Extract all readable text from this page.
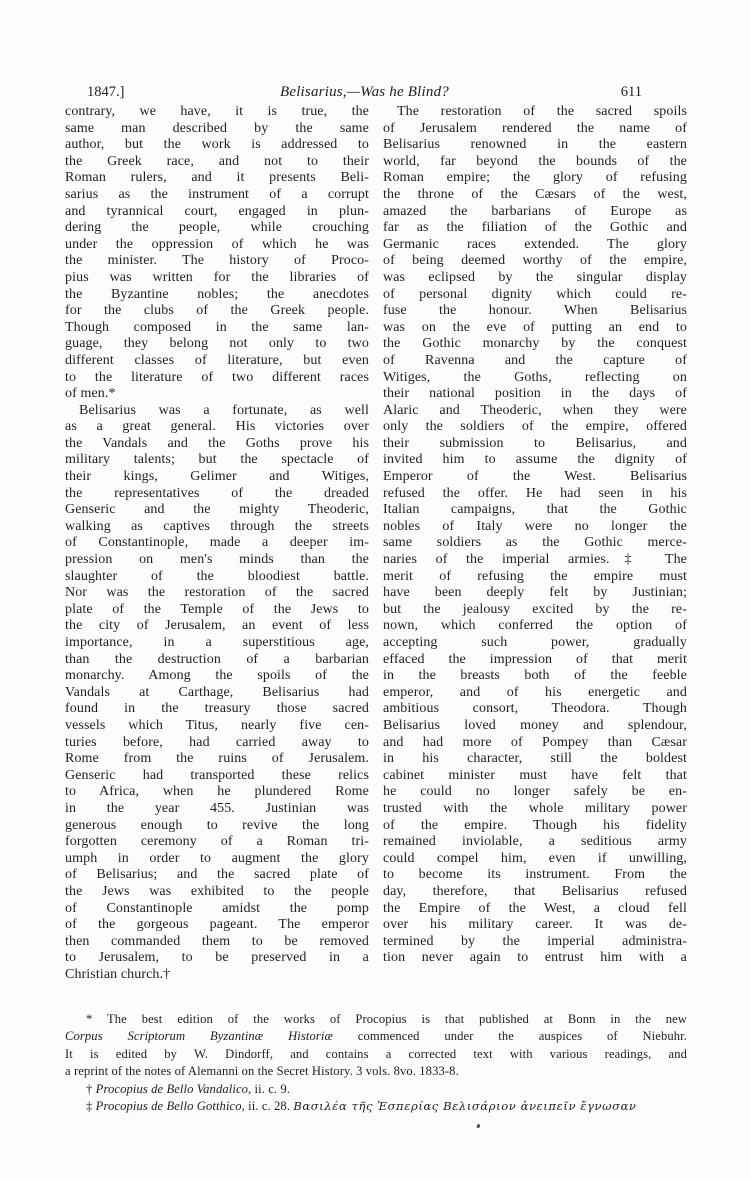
1847.]	Belisarius,—Was he Blind?	611
contrary, we have, it is true, the
same man described by the same
author, but the work is addressed to
the Greek race, and not to their
Roman rulers, and it presents Beli-
sarius as the instrument of a corrupt
and tyrannical court, engaged in plun-
dering the people, while crouching
under the oppression of which he was
the minister. The history of Proco-
pius was written for the libraries of
the Byzantine nobles; the anecdotes
for the clubs of the Greek people.
Though composed in the same lan-
guage, they belong not only to two
different classes of literature, but even
to the literature of two different races
of men.*
Belisarius was a fortunate, as well
as a great general. His victories over
the Vandals and the Goths prove his
military talents; but the spectacle of
their kings, Gelimer and Witiges,
the representatives of the dreaded
Genseric and the mighty Theoderic,
walking as captives through the streets
of Constantinople, made a deeper im-
pression on men's minds than the
slaughter of the bloodiest battle.
Nor was the restoration of the sacred
plate of the Temple of the Jews to
the city of Jerusalem, an event of less
importance, in a superstitious age,
than the destruction of a barbarian
monarchy. Among the spoils of the
Vandals at Carthage, Belisarius had
found in the treasury those sacred
vessels which Titus, nearly five cen-
turies before, had carried away to
Rome from the ruins of Jerusalem.
Genseric had transported these relics
to Africa, when he plundered Rome
in the year 455. Justinian was
generous enough to revive the long
forgotten ceremony of a Roman tri-
umph in order to augment the glory
of Belisarius; and the sacred plate of
the Jews was exhibited to the people
of Constantinople amidst the pomp
of the gorgeous pageant. The emperor
then commanded them to be removed
to Jerusalem, to be preserved in a
Christian church.†
The restoration of the sacred spoils
of Jerusalem rendered the name of
Belisarius renowned in the eastern
world, far beyond the bounds of the
Roman empire; the glory of refusing
the throne of the Cæsars of the west,
amazed the barbarians of Europe as
far as the filiation of the Gothic and
Germanic races extended. The glory
of being deemed worthy of the empire,
was eclipsed by the singular display
of personal dignity which could re-
fuse the honour. When Belisarius
was on the eve of putting an end to
the Gothic monarchy by the conquest
of Ravenna and the capture of
Witiges, the Goths, reflecting on
their national position in the days of
Alaric and Theoderic, when they were
only the soldiers of the empire, offered
their submission to Belisarius, and
invited him to assume the dignity of
Emperor of the West. Belisarius
refused the offer. He had seen in his
Italian campaigns, that the Gothic
nobles of Italy were no longer the
same soldiers as the Gothic merce-
naries of the imperial armies.‡ The
merit of refusing the empire must
have been deeply felt by Justinian;
but the jealousy excited by the re-
nown, which conferred the option of
accepting such power, gradually
effaced the impression of that merit
in the breasts both of the feeble
emperor, and of his energetic and
ambitious consort, Theodora. Though
Belisarius loved money and splendour,
and had more of Pompey than Cæsar
in his character, still the boldest
cabinet minister must have felt that
he could no longer safely be en-
trusted with the whole military power
of the empire. Though his fidelity
remained inviolable, a seditious army
could compel him, even if unwilling,
to become its instrument. From the
day, therefore, that Belisarius refused
the Empire of the West, a cloud fell
over his military career. It was de-
termined by the imperial administra-
tion never again to entrust him with a
* The best edition of the works of Procopius is that published at Bonn in the new
Corpus Scriptorum Byzantinæ Historiæ commenced under the auspices of Niebuhr.
It is edited by W. Dindorff, and contains a corrected text with various readings, and
a reprint of the notes of Alemanni on the Secret History. 3 vols. 8vo. 1833-8.
† Procopius de Bello Vandalico, ii. c. 9.
‡ Procopius de Bello Gotthico, ii. c. 28. Βασιλέα τῆς Ἑσπερίας Βελισάριον ἀνειπεῖν ἔγνωσαν
